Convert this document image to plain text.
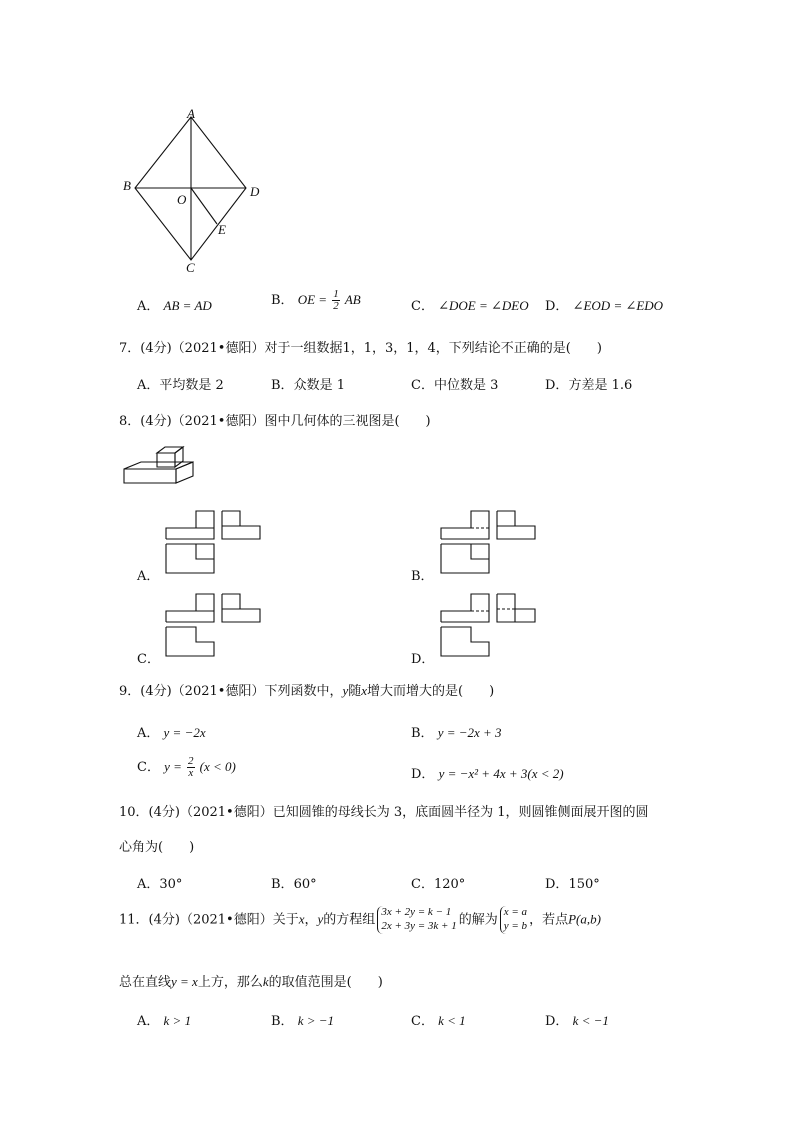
A
B
O
D
E
C
A． AB = AD	B． OE = $\frac{1}{2}$ AB	C． ∠DOE = ∠DEO D． ∠EOD = ∠EDO
7．(4分)（2021•德阳）对于一组数据1，1，3，1，4，下列结论不正确的是(　　)
A．平均数是 2	B．众数是 1	C．中位数是 3	D．方差是 1.6
8．(4分)（2021•德阳）图中几何体的三视图是(　　)
A．	B．
C．	D．
9．(4分)（2021•德阳）下列函数中，y随x增大而增大的是(　　)
A． y = −2x	B． y = −2x + 3
C． $y = \frac{2}{x} (x < 0)$
D． y = −x² + 4x + 3(x < 2)
10．(4分)（2021•德阳）已知圆锥的母线长为 3，底面圆半径为 1，则圆锥侧面展开图的圆
心角为(　　)
A．30°	B．60°	C．120°	D．150°
11．(4分)（2021•德阳）关于x，y的方程组
3x + 2y = k − 1
2x + 3y = 3k + 1 的解为
x = a
y = b ，若点P(a,b)
总在直线y = x上方，那么k的取值范围是(　　)
A． k > 1	B． k > −1	C． k < 1	D． k < −1
